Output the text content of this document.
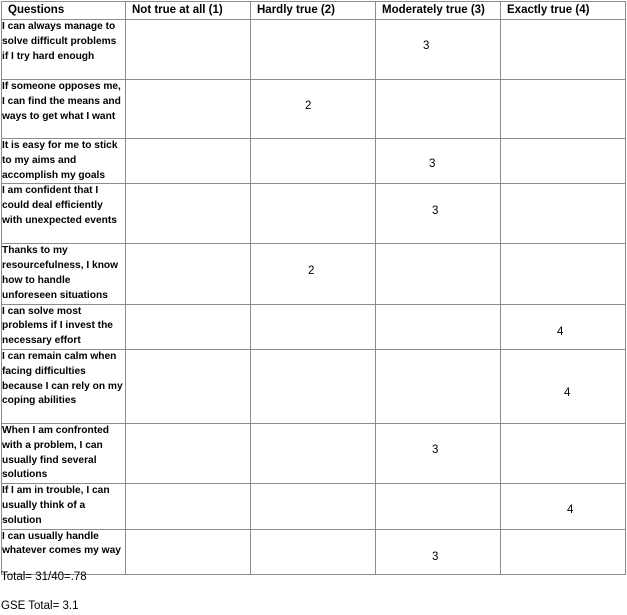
Questions	Not true at all (1)	Hardly true (2)	Moderately true (3)	Exactly true (4)
I can always manage to solve difficult problems if I try hard enough			3	

If someone opposes me, I can find the means and ways to get what I want		2		

It is easy for me to stick to my aims and accomplish my goals			3	

I am confident that I could deal efficiently with unexpected events			3	

Thanks to my resourcefulness, I know how to handle unforeseen situations		2		

I can solve most problems if I invest the necessary effort				4

I can remain calm when facing difficulties because I can rely on my coping abilities				4

When I am confronted with a problem, I can usually find several solutions			3	

If I am in trouble, I can usually think of a solution				4

I can usually handle whatever comes my way			3	

Total= 31/40=.78
GSE Total= 3.1
